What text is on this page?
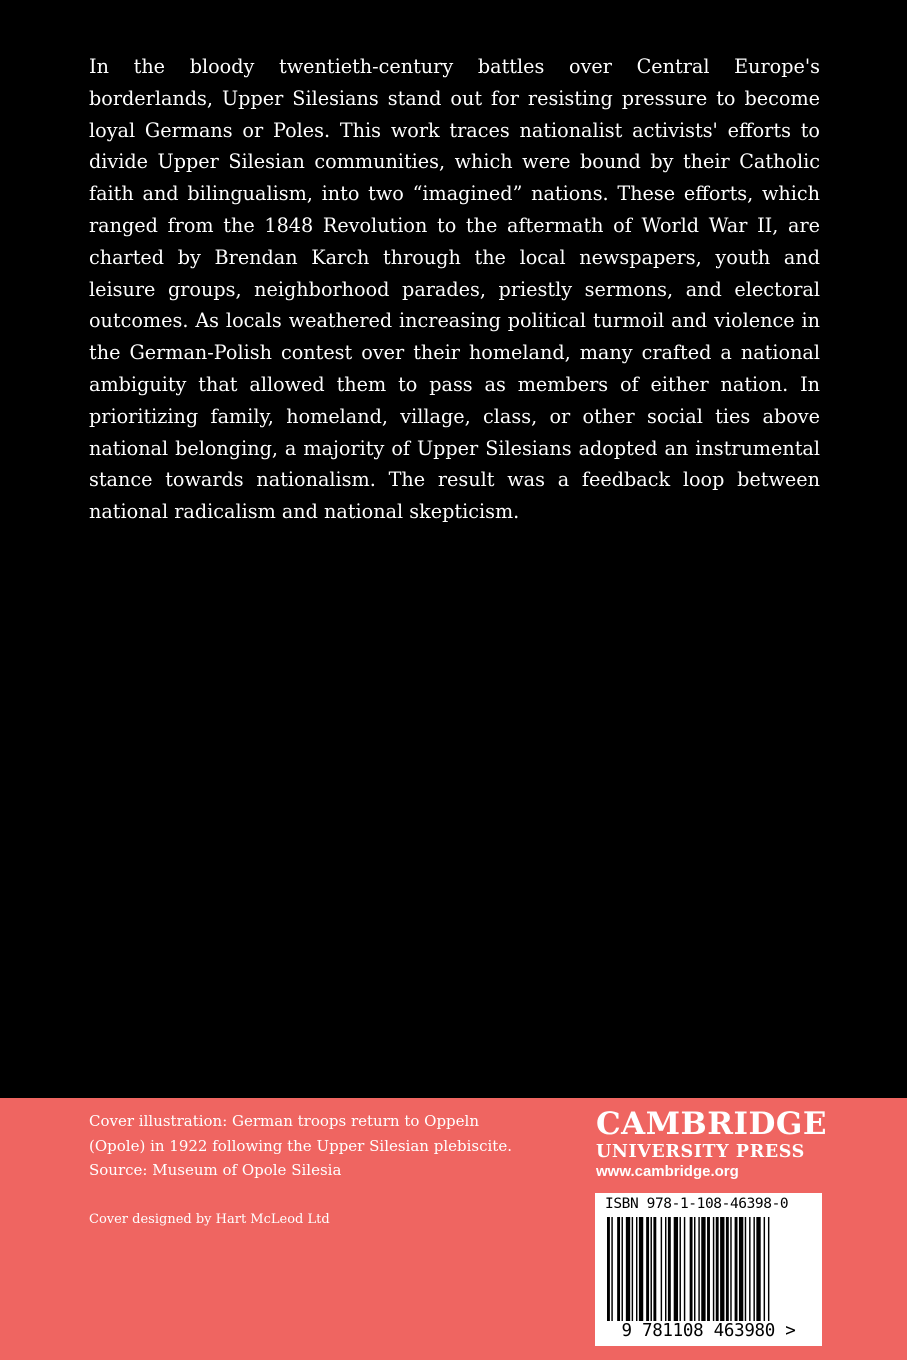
In the bloody twentieth-century battles over Central Europe's borderlands, Upper Silesians stand out for resisting pressure to become loyal Germans or Poles. This work traces nationalist activists' efforts to divide Upper Silesian communities, which were bound by their Catholic faith and bilingualism, into two “imagined” nations. These efforts, which ranged from the 1848 Revolution to the aftermath of World War II, are charted by Brendan Karch through the local newspapers, youth and leisure groups, neighborhood parades, priestly sermons, and electoral outcomes. As locals weathered increasing political turmoil and violence in the German-Polish contest over their homeland, many crafted a national ambiguity that allowed them to pass as members of either nation. In prioritizing family, homeland, village, class, or other social ties above national belonging, a majority of Upper Silesians adopted an instrumental stance towards nationalism. The result was a feedback loop between national radicalism and national skepticism.

Cover illustration: German troops return to Oppeln (Opole) in 1922 following the Upper Silesian plebiscite. Source: Museum of Opole Silesia

Cover designed by Hart McLeod Ltd

CAMBRIDGE
UNIVERSITY PRESS
www.cambridge.org

ISBN 978-1-108-46398-0

9 781108 463980 >
